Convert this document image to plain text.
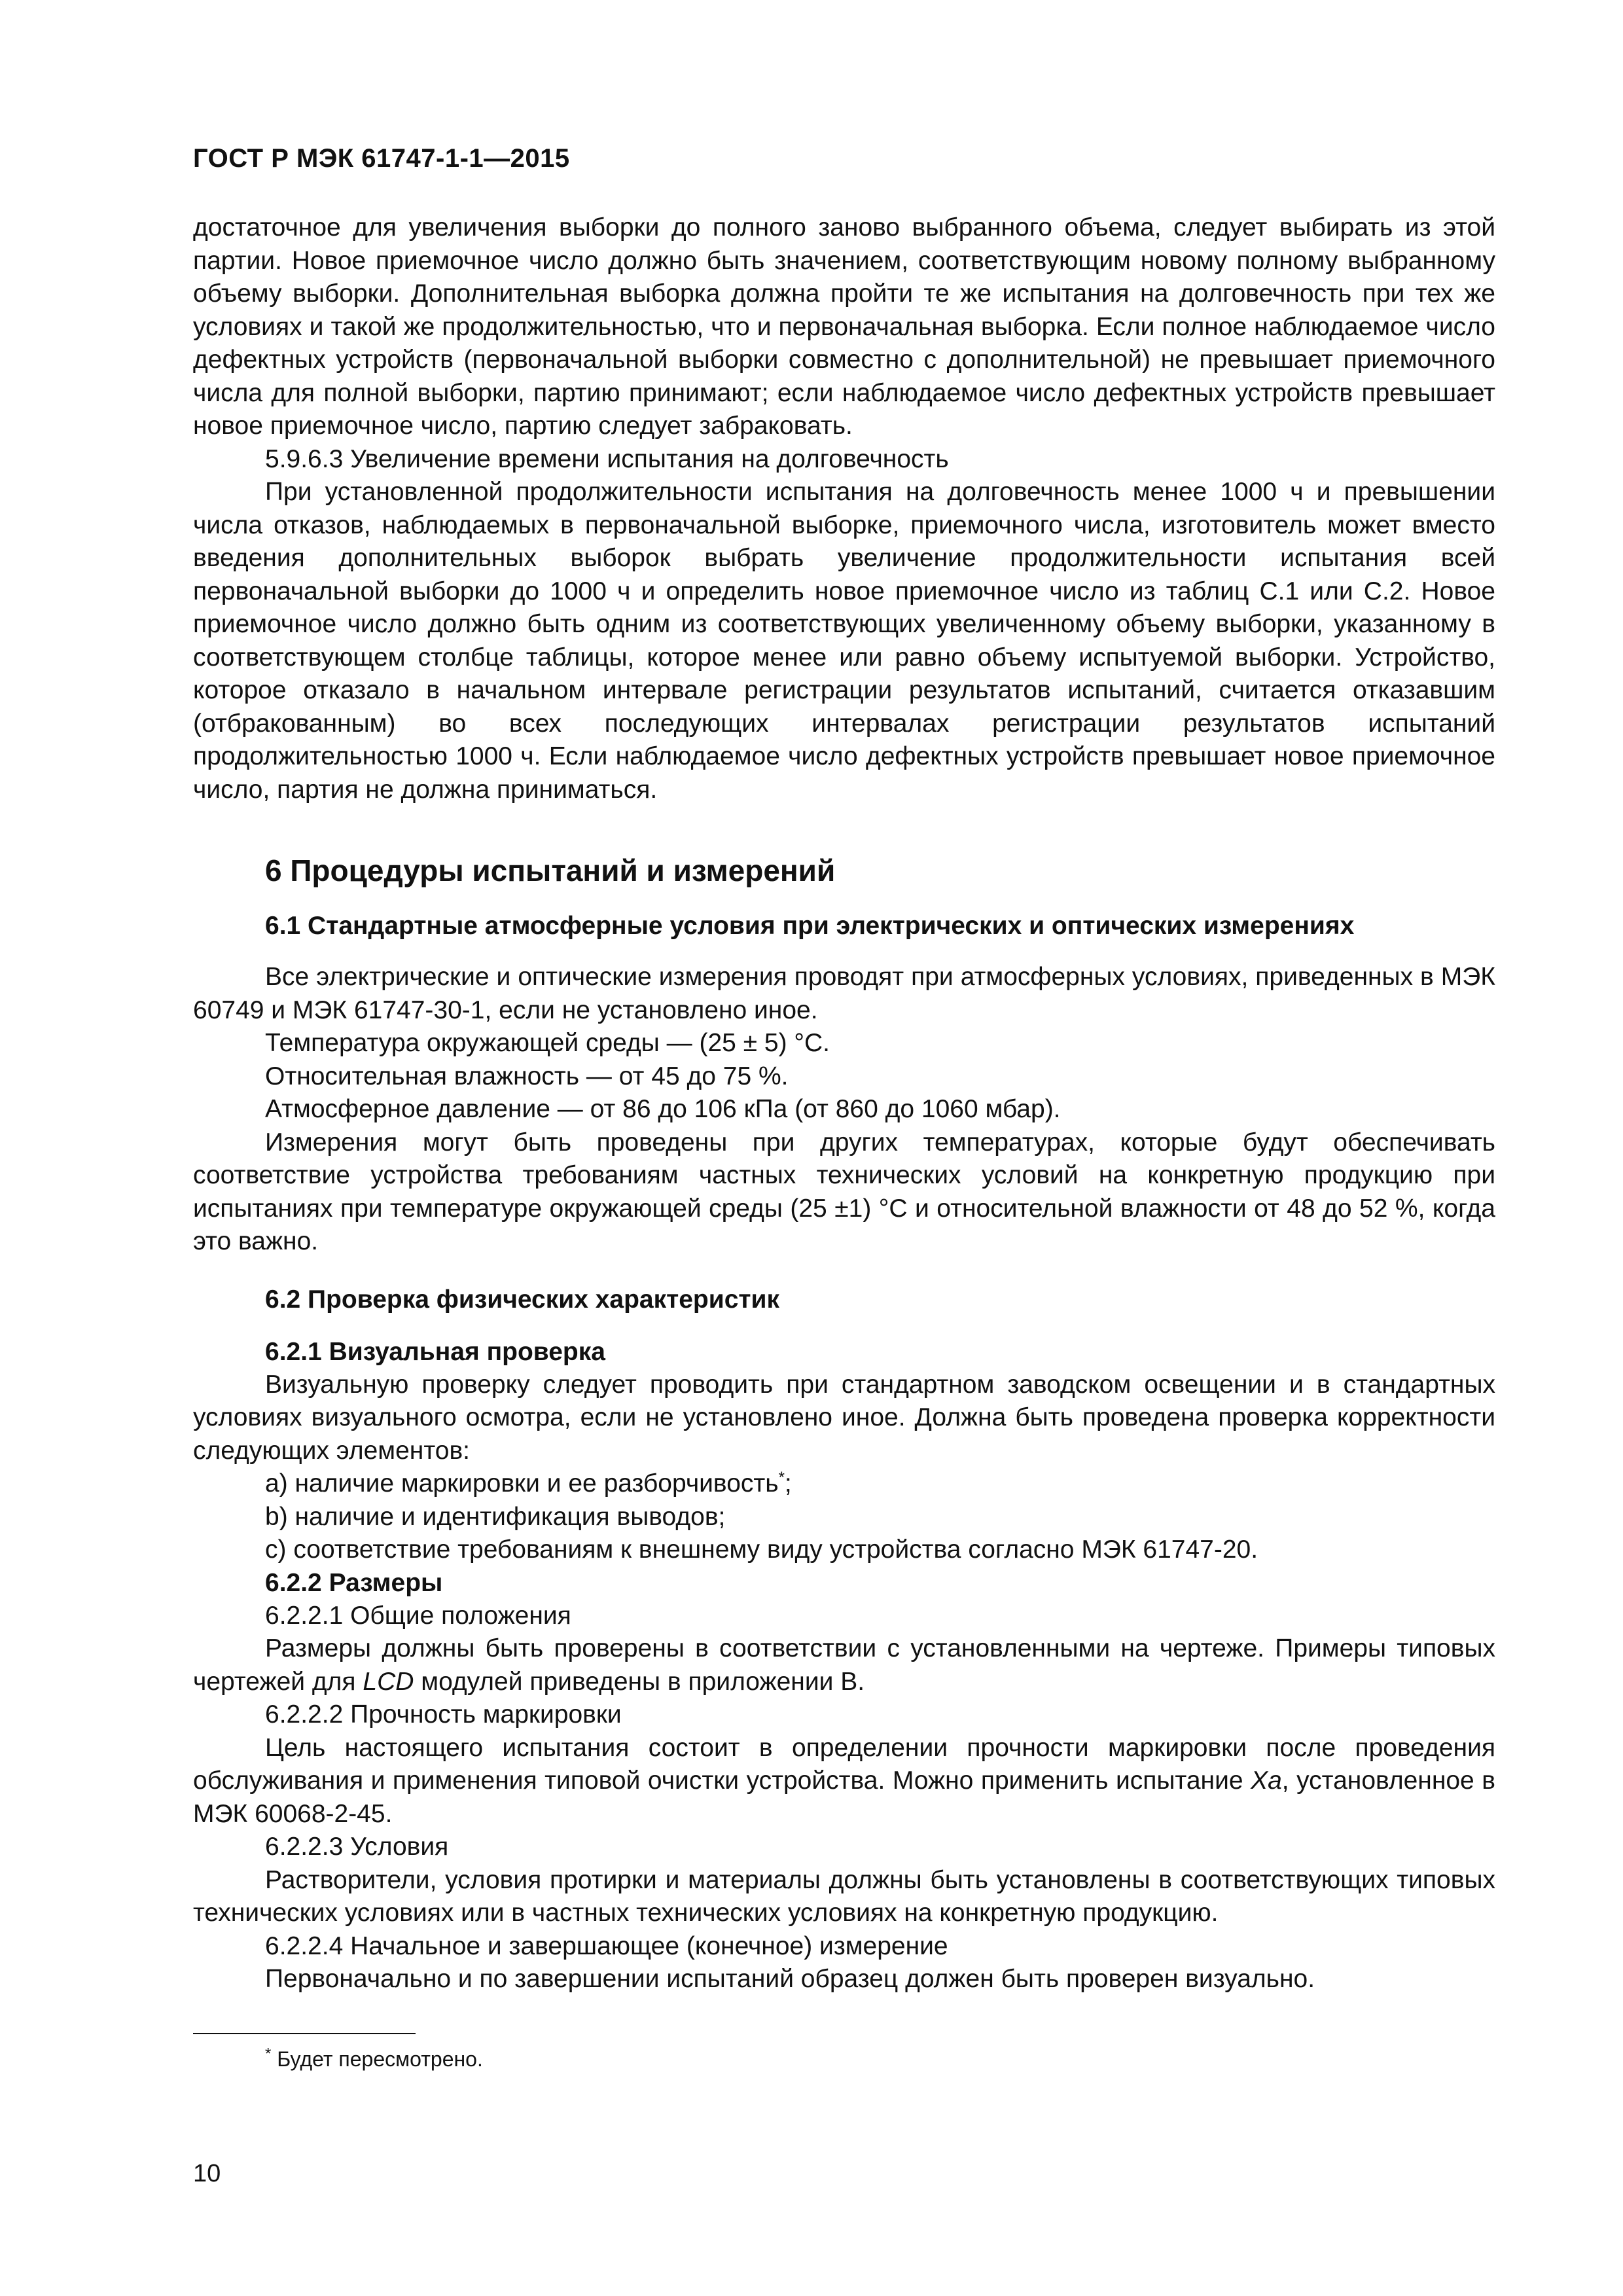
ГОСТ Р МЭК 61747-1-1—2015

достаточное для увеличения выборки до полного заново выбранного объема, следует выбирать из этой партии. Новое приемочное число должно быть значением, соответствующим новому полному выбранному объему выборки. Дополнительная выборка должна пройти те же испытания на долговечность при тех же условиях и такой же продолжительностью, что и первоначальная выборка. Если полное наблюдаемое число дефектных устройств (первоначальной выборки совместно с дополнительной) не превышает приемочного числа для полной выборки, партию принимают; если наблюдаемое число дефектных устройств превышает новое приемочное число, партию следует забраковать.

5.9.6.3 Увеличение времени испытания на долговечность

При установленной продолжительности испытания на долговечность менее 1000 ч и превышении числа отказов, наблюдаемых в первоначальной выборке, приемочного числа, изготовитель может вместо введения дополнительных выборок выбрать увеличение продолжительности испытания всей первоначальной выборки до 1000 ч и определить новое приемочное число из таблиц С.1 или С.2. Новое приемочное число должно быть одним из соответствующих увеличенному объему выборки, указанному в соответствующем столбце таблицы, которое менее или равно объему испытуемой выборки. Устройство, которое отказало в начальном интервале регистрации результатов испытаний, считается отказавшим (отбракованным) во всех последующих интервалах регистрации результатов испытаний продолжительностью 1000 ч. Если наблюдаемое число дефектных устройств превышает новое приемочное число, партия не должна приниматься.

6 Процедуры испытаний и измерений
6.1 Стандартные атмосферные условия при электрических и оптических измерениях

Все электрические и оптические измерения проводят при атмосферных условиях, приведенных в МЭК 60749 и МЭК 61747-30-1, если не установлено иное.

Температура окружающей среды — (25 ± 5) °С.

Относительная влажность — от 45 до 75 %.

Атмосферное давление — от 86 до 106 кПа (от 860 до 1060 мбар).

Измерения могут быть проведены при других температурах, которые будут обеспечивать соответствие устройства требованиям частных технических условий на конкретную продукцию при испытаниях при температуре окружающей среды (25 ±1) °С и относительной влажности от 48 до 52 %, когда это важно.

6.2 Проверка физических характеристик
6.2.1 Визуальная проверка

Визуальную проверку следует проводить при стандартном заводском освещении и в стандартных условиях визуального осмотра, если не установлено иное. Должна быть проведена проверка корректности следующих элементов:

а) наличие маркировки и ее разборчивость*;

b) наличие и идентификация выводов;

с) соответствие требованиям к внешнему виду устройства согласно МЭК 61747-20.

6.2.2 Размеры

6.2.2.1 Общие положения

Размеры должны быть проверены в соответствии с установленными на чертеже. Примеры типовых чертежей для LCD модулей приведены в приложении В.

6.2.2.2 Прочность маркировки

Цель настоящего испытания состоит в определении прочности маркировки после проведения обслуживания и применения типовой очистки устройства. Можно применить испытание Ха, установленное в МЭК 60068-2-45.

6.2.2.3 Условия

Растворители, условия протирки и материалы должны быть установлены в соответствующих типовых технических условиях или в частных технических условиях на конкретную продукцию.

6.2.2.4 Начальное и завершающее (конечное) измерение

Первоначально и по завершении испытаний образец должен быть проверен визуально.

* Будет пересмотрено.
10
